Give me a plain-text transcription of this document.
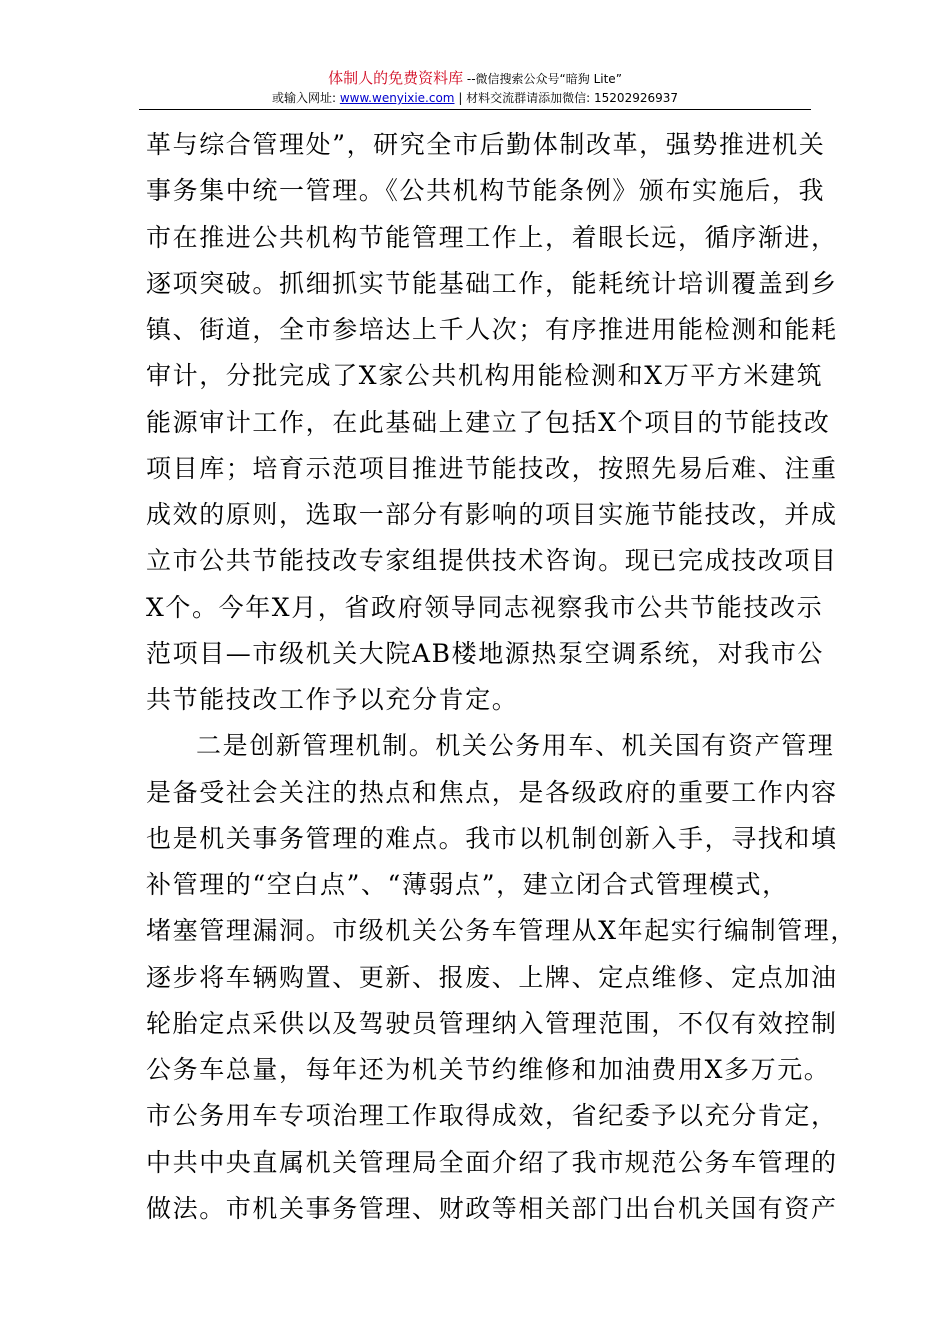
体制人的免费资料库 --微信搜索公众号“暗狗 Lite”
或输入网址: www.wenyixie.com | 材料交流群请添加微信: 15202926937
革与综合管理处”，研究全市后勤体制改革，强势推进机关
事务集中统一管理。《公共机构节能条例》颁布实施后，我
市在推进公共机构节能管理工作上，着眼长远，循序渐进，
逐项突破。抓细抓实节能基础工作，能耗统计培训覆盖到乡
镇、街道，全市参培达上千人次；有序推进用能检测和能耗
审计，分批完成了X家公共机构用能检测和X万平方米建筑
能源审计工作，在此基础上建立了包括X个项目的节能技改
项目库；培育示范项目推进节能技改，按照先易后难、注重
成效的原则，选取一部分有影响的项目实施节能技改，并成
立市公共节能技改专家组提供技术咨询。现已完成技改项目
X个。今年X月，省政府领导同志视察我市公共节能技改示
范项目—市级机关大院AB楼地源热泵空调系统，对我市公
共节能技改工作予以充分肯定。
二是创新管理机制。机关公务用车、机关国有资产管理
是备受社会关注的热点和焦点，是各级政府的重要工作内容
也是机关事务管理的难点。我市以机制创新入手，寻找和填
补管理的“空白点”、“薄弱点”，建立闭合式管理模式，
堵塞管理漏洞。市级机关公务车管理从X年起实行编制管理，
逐步将车辆购置、更新、报废、上牌、定点维修、定点加油
轮胎定点采供以及驾驶员管理纳入管理范围，不仅有效控制
公务车总量，每年还为机关节约维修和加油费用X多万元。
市公务用车专项治理工作取得成效，省纪委予以充分肯定，
中共中央直属机关管理局全面介绍了我市规范公务车管理的
做法。市机关事务管理、财政等相关部门出台机关国有资产
